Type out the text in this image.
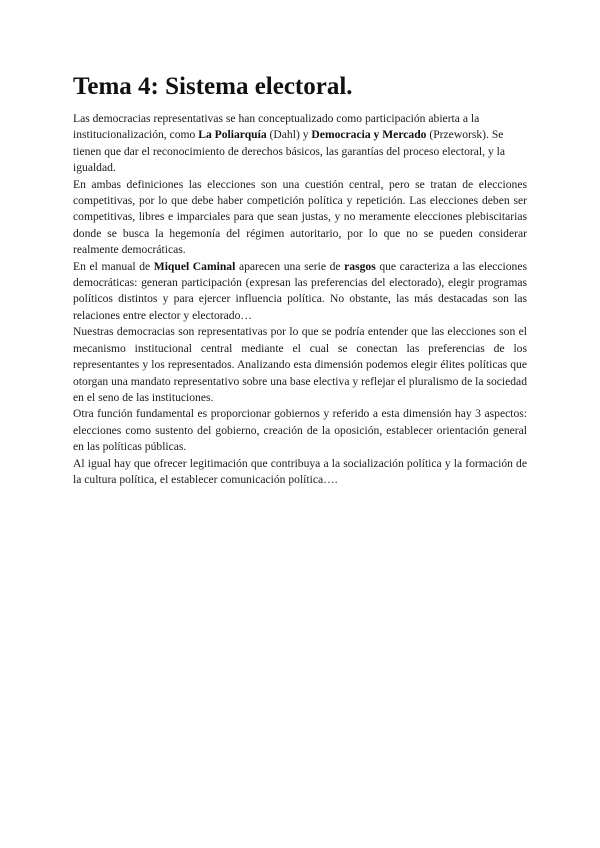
Tema 4: Sistema electoral.

Las democracias representativas se han conceptualizado como participación abierta a la institucionalización, como La Poliarquía (Dahl) y Democracia y Mercado (Przeworsk). Se tienen que dar el reconocimiento de derechos básicos, las garantías del proceso electoral, y la igualdad.

En ambas definiciones las elecciones son una cuestión central, pero se tratan de elecciones competitivas, por lo que debe haber competición política y repetición. Las elecciones deben ser competitivas, libres e imparciales para que sean justas, y no meramente elecciones plebiscitarias donde se busca la hegemonía del régimen autoritario, por lo que no se pueden considerar realmente democráticas.

En el manual de Miquel Caminal aparecen una serie de rasgos que caracteriza a las elecciones democráticas: generan participación (expresan las preferencias del electorado), elegir programas políticos distintos y para ejercer influencia política. No obstante, las más destacadas son las relaciones entre elector y electorado…

Nuestras democracias son representativas por lo que se podría entender que las elecciones son el mecanismo institucional central mediante el cual se conectan las preferencias de los representantes y los representados. Analizando esta dimensión podemos elegir élites políticas que otorgan una mandato representativo sobre una base electiva y reflejar el pluralismo de la sociedad en el seno de las instituciones.

Otra función fundamental es proporcionar gobiernos y referido a esta dimensión hay 3 aspectos: elecciones como sustento del gobierno, creación de la oposición, establecer orientación general en las políticas públicas.

Al igual hay que ofrecer legitimación que contribuya a la socialización política y la formación de la cultura política, el establecer comunicación política….
